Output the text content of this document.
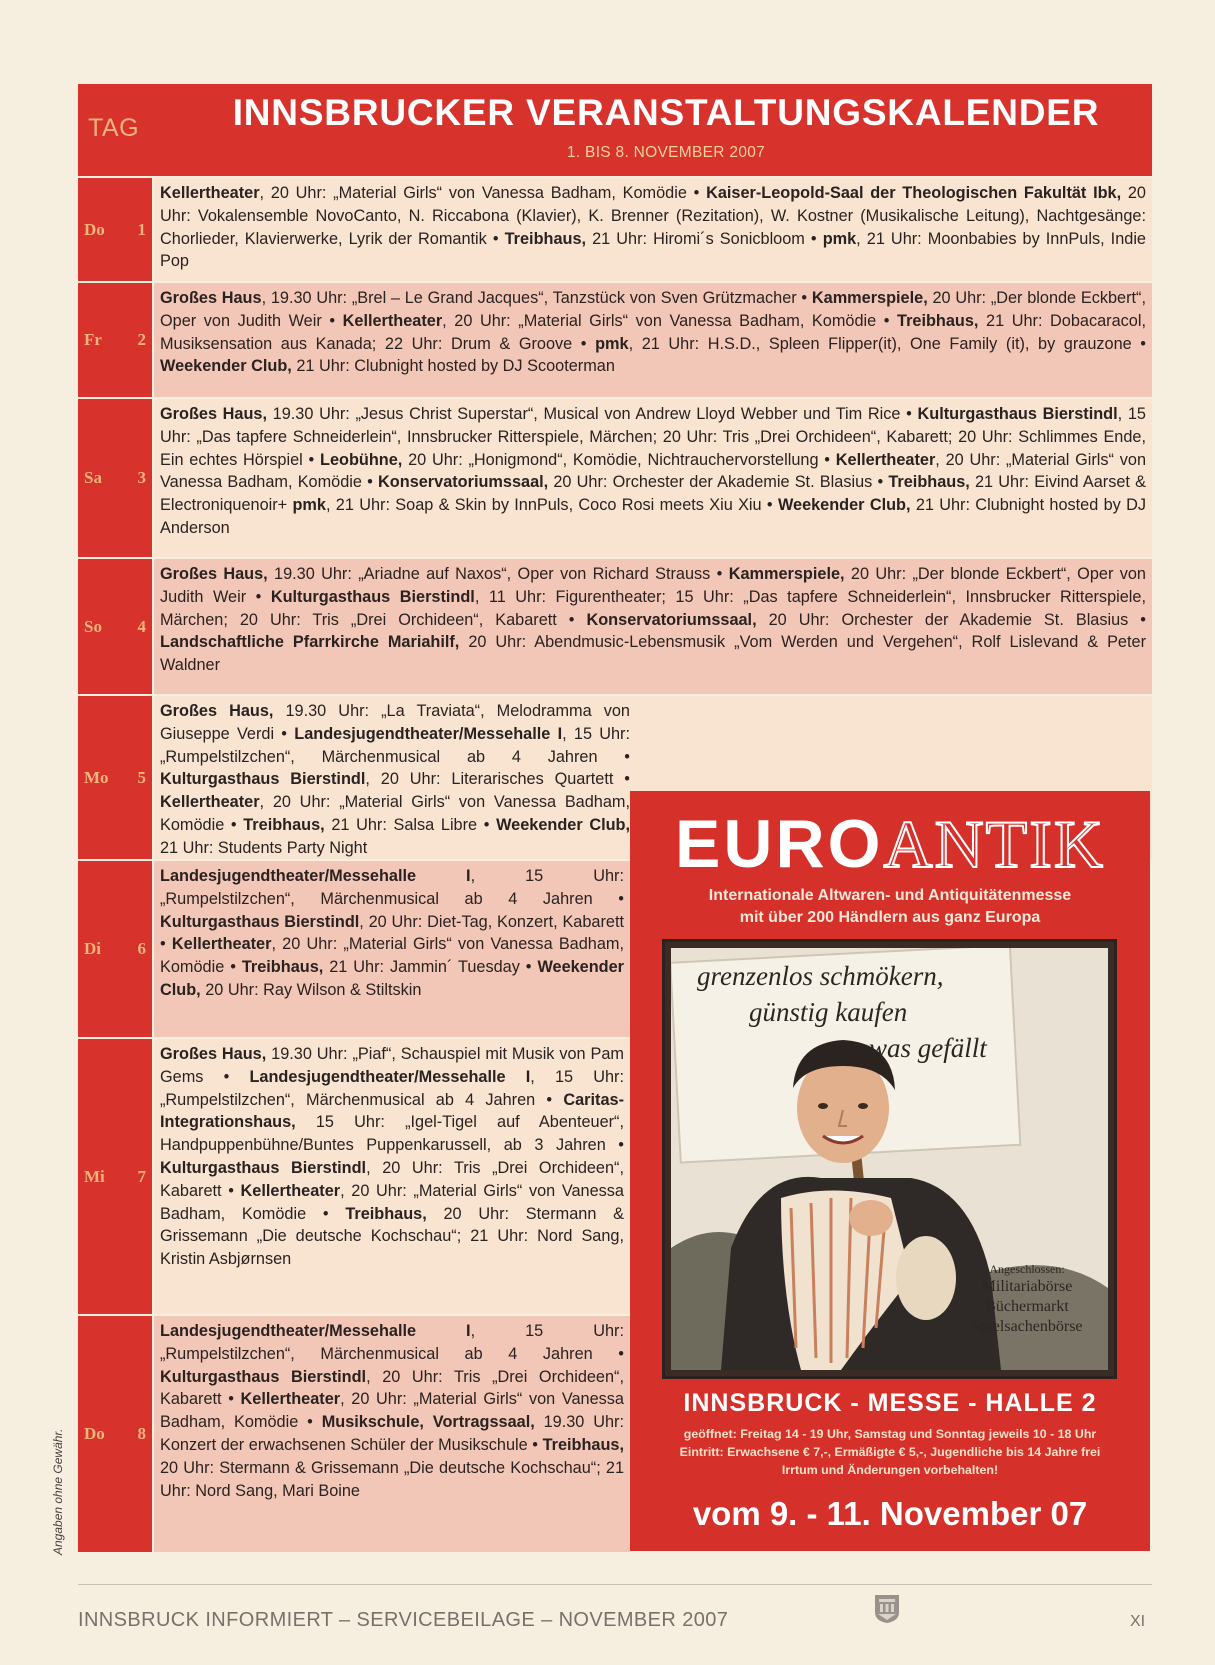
TAG	INNSBRUCKER VERANSTALTUNGSKALENDER
1. BIS 8. NOVEMBER 2007
Do 1
Kellertheater, 20 Uhr: „Material Girls“ von Vanessa Badham, Komödie • Kaiser-Leopold-Saal der Theologischen Fakultät Ibk, 20 Uhr: Vokalensemble NovoCanto, N. Riccabona (Klavier), K. Brenner (Rezitation), W. Kostner (Musikalische Leitung), Nachtgesänge: Chorlieder, Klavierwerke, Lyrik der Romantik • Treibhaus, 21 Uhr: Hiromi´s Sonicbloom • pmk, 21 Uhr: Moonbabies by InnPuls, Indie Pop
Fr 2
Großes Haus, 19.30 Uhr: „Brel – Le Grand Jacques“, Tanzstück von Sven Grützmacher • Kammerspiele, 20 Uhr: „Der blonde Eckbert“, Oper von Judith Weir • Kellertheater, 20 Uhr: „Material Girls“ von Vanessa Badham, Komödie • Treibhaus, 21 Uhr: Dobacaracol, Musiksensation aus Kanada; 22 Uhr: Drum & Groove • pmk, 21 Uhr: H.S.D., Spleen Flipper(it), One Family (it), by grauzone • Weekender Club, 21 Uhr: Clubnight hosted by DJ Scooterman
Sa 3
Großes Haus, 19.30 Uhr: „Jesus Christ Superstar“, Musical von Andrew Lloyd Webber und Tim Rice • Kulturgasthaus Bierstindl, 15 Uhr: „Das tapfere Schneiderlein“, Innsbrucker Ritterspiele, Märchen; 20 Uhr: Tris „Drei Orchideen“, Kabarett; 20 Uhr: Schlimmes Ende, Ein echtes Hörspiel • Leobühne, 20 Uhr: „Honigmond“, Komödie, Nichtrauchervorstellung • Kellertheater, 20 Uhr: „Material Girls“ von Vanessa Badham, Komödie • Konservatoriumssaal, 20 Uhr: Orchester der Akademie St. Blasius • Treibhaus, 21 Uhr: Eivind Aarset & Electroniquenoir+ pmk, 21 Uhr: Soap & Skin by InnPuls, Coco Rosi meets Xiu Xiu • Weekender Club, 21 Uhr: Clubnight hosted by DJ Anderson
So 4
Großes Haus, 19.30 Uhr: „Ariadne auf Naxos“, Oper von Richard Strauss • Kammerspiele, 20 Uhr: „Der blonde Eckbert“, Oper von Judith Weir • Kulturgasthaus Bierstindl, 11 Uhr: Figurentheater; 15 Uhr: „Das tapfere Schneiderlein“, Innsbrucker Ritterspiele, Märchen; 20 Uhr: Tris „Drei Orchideen“, Kabarett • Konservatoriumssaal, 20 Uhr: Orchester der Akademie St. Blasius • Landschaftliche Pfarrkirche Mariahilf, 20 Uhr: Abendmusic-Lebensmusik „Vom Werden und Vergehen“, Rolf Lislevand & Peter Waldner
Mo 5
Großes Haus, 19.30 Uhr: „La Traviata“, Melodramma von Giuseppe Verdi • Landesjugendtheater/Messehalle I, 15 Uhr: „Rumpelstilzchen“, Märchenmusical ab 4 Jahren • Kulturgasthaus Bierstindl, 20 Uhr: Literarisches Quartett • Kellertheater, 20 Uhr: „Material Girls“ von Vanessa Badham, Komödie • Treibhaus, 21 Uhr: Salsa Libre • Weekender Club, 21 Uhr: Students Party Night
Di 6
Landesjugendtheater/Messehalle I, 15 Uhr: „Rumpelstilzchen“, Märchenmusical ab 4 Jahren • Kulturgasthaus Bierstindl, 20 Uhr: Diet-Tag, Konzert, Kabarett • Kellertheater, 20 Uhr: „Material Girls“ von Vanessa Badham, Komödie • Treibhaus, 21 Uhr: Jammin´ Tuesday • Weekender Club, 20 Uhr: Ray Wilson & Stiltskin
Mi 7
Großes Haus, 19.30 Uhr: „Piaf“, Schauspiel mit Musik von Pam Gems • Landesjugendtheater/Messehalle I, 15 Uhr: „Rumpelstilzchen“, Märchenmusical ab 4 Jahren • Caritas-Integrationshaus, 15 Uhr: „Igel-Tigel auf Abenteuer“, Handpuppenbühne/Buntes Puppenkarussell, ab 3 Jahren • Kulturgasthaus Bierstindl, 20 Uhr: Tris „Drei Orchideen“, Kabarett • Kellertheater, 20 Uhr: „Material Girls“ von Vanessa Badham, Komödie • Treibhaus, 20 Uhr: Stermann & Grissemann „Die deutsche Kochschau“; 21 Uhr: Nord Sang, Kristin Asbjørnsen
Do 8
Landesjugendtheater/Messehalle I, 15 Uhr: „Rumpelstilzchen“, Märchenmusical ab 4 Jahren • Kulturgasthaus Bierstindl, 20 Uhr: Tris „Drei Orchideen“, Kabarett • Kellertheater, 20 Uhr: „Material Girls“ von Vanessa Badham, Komödie • Musikschule, Vortragssaal, 19.30 Uhr: Konzert der erwachsenen Schüler der Musikschule • Treibhaus, 20 Uhr: Stermann & Grissemann „Die deutsche Kochschau“; 21 Uhr: Nord Sang, Mari Boine
EUROANTIK
Internationale Altwaren- und Antiquitätenmesse
mit über 200 Händlern aus ganz Europa
grenzenlos schmökern,
günstig kaufen
was gefällt
Angeschlossen:
Militariabörse
Büchermarkt
Spielsachenbörse
INNSBRUCK - MESSE - HALLE 2
geöffnet: Freitag 14 - 19 Uhr, Samstag und Sonntag jeweils 10 - 18 Uhr
Eintritt: Erwachsene € 7,-, Ermäßigte € 5,-, Jugendliche bis 14 Jahre frei
Irrtum und Änderungen vorbehalten!
vom 9. - 11. November 07
Angaben ohne Gewähr.
INNSBRUCK INFORMIERT – SERVICEBEILAGE – NOVEMBER 2007	XI
